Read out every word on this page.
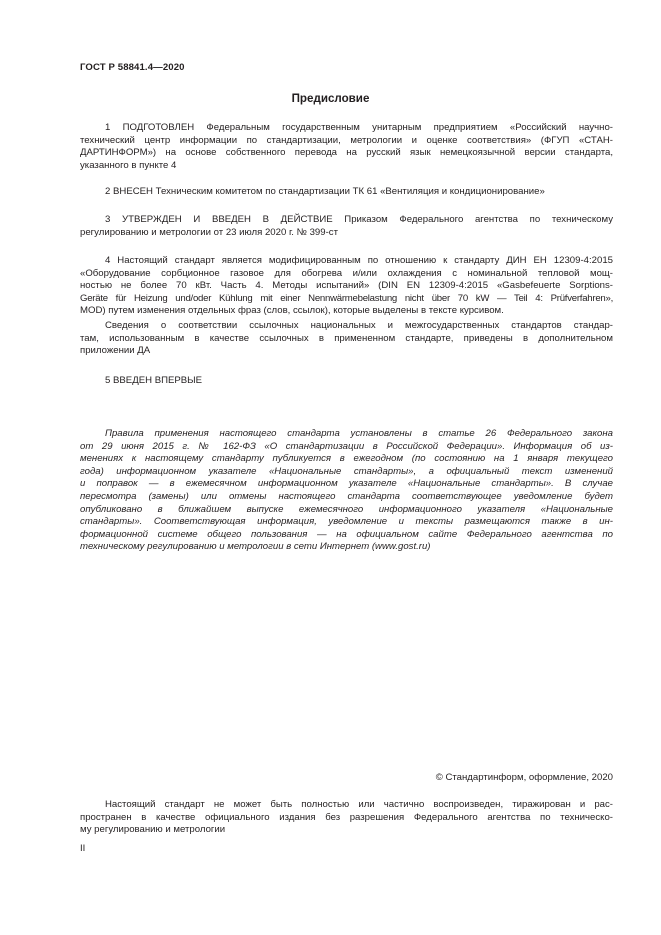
ГОСТ Р 58841.4—2020
Предисловие
1 ПОДГОТОВЛЕН Федеральным государственным унитарным предприятием «Российский научно-
технический центр информации по стандартизации, метрологии и оценке соответствия» (ФГУП «СТАН-
ДАРТИНФОРМ») на основе собственного перевода на русский язык немецкоязычной версии стандарта,
указанного в пункте 4
2 ВНЕСЕН Техническим комитетом по стандартизации ТК 61 «Вентиляция и кондиционирование»
3 УТВЕРЖДЕН И ВВЕДЕН В ДЕЙСТВИЕ Приказом Федерального агентства по техническому
регулированию и метрологии от 23 июля 2020 г. № 399-ст
4 Настоящий стандарт является модифицированным по отношению к стандарту ДИН ЕН 12309-4:2015
«Оборудование сорбционное газовое для обогрева и/или охлаждения с номинальной тепловой мощ-
ностью не более 70 кВт. Часть 4. Методы испытаний» (DIN EN 12309-4:2015 «Gasbefeuerte Sorptions-
Geräte für Heizung und/oder Kühlung mit einer Nennwärmebelastung nicht über 70 kW — Teil 4: Prüfverfahren»,
MOD) путем изменения отдельных фраз (слов, ссылок), которые выделены в тексте курсивом.
Сведения о соответствии ссылочных национальных и межгосударственных стандартов стандар-
там, использованным в качестве ссылочных в примененном стандарте, приведены в дополнительном
приложении ДА
5 ВВЕДЕН ВПЕРВЫЕ
Правила применения настоящего стандарта установлены в статье 26 Федерального закона
от 29 июня 2015 г. № 162-ФЗ «О стандартизации в Российской Федерации». Информация об из-
менениях к настоящему стандарту публикуется в ежегодном (по состоянию на 1 января текущего
года) информационном указателе «Национальные стандарты», а официальный текст изменений
и поправок — в ежемесячном информационном указателе «Национальные стандарты». В случае
пересмотра (замены) или отмены настоящего стандарта соответствующее уведомление будет
опубликовано в ближайшем выпуске ежемесячного информационного указателя «Национальные
стандарты». Соответствующая информация, уведомление и тексты размещаются также в ин-
формационной системе общего пользования — на официальном сайте Федерального агентства по
техническому регулированию и метрологии в сети Интернет (www.gost.ru)
© Стандартинформ, оформление, 2020
Настоящий стандарт не может быть полностью или частично воспроизведен, тиражирован и рас-
пространен в качестве официального издания без разрешения Федерального агентства по техническо-
му регулированию и метрологии
II
